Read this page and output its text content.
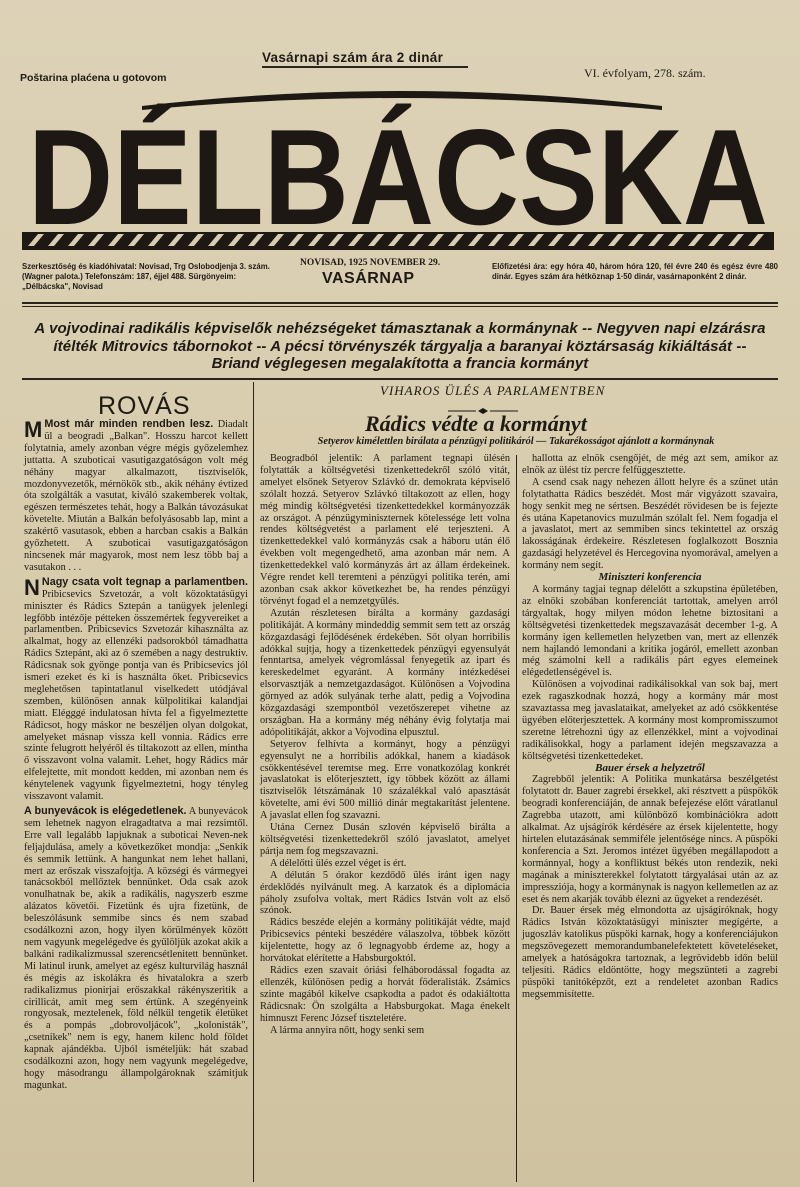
Vasárnapi szám ára 2 dinár
Poštarina plaćena u gotovom	VI. évfolyam, 278. szám.
DÉLBÁCSKA
Szerkesztőség és kiadóhivatal: Novisad, Trg Oslobodjenja 3. szám. (Wagner palota.) Telefonszám: 187, éjjel 488. Sürgönyeim: „Délbácska", Novisad
NOVISAD, 1925 NOVEMBER 29.
VASÁRNAP
Előfizetési ára: egy hóra 40, három hóra 120, fél évre 240 és egész évre 480 dinár. Egyes szám ára hétköznap 1·50 dinár, vasárnaponként 2 dinár.
A vojvodinai radikális képviselők nehézségeket támasztanak a kormánynak -- Negyven napi elzárásra ítélték Mitrovics tábornokot -- A pécsi törvényszék tárgyalja a baranyai köztársaság kikiáltását -- Briand véglegesen megalakította a francia kormányt
ROVÁS

M Most már minden rendben lesz. Diadalt ül a beogradi „Balkan". Hosszu harcot kellett folytatnia, amely azonban végre mégis győzelemhez juttatta. A szuboticai vasutigazgatóságon volt még néhány magyar alkalmazott, tisztviselők, mozdonyvezetők, mérnökök stb., akik néhány évtized óta szolgálták a vasutat, kiváló szakemberek voltak, egészen természetes tehát, hogy a Balkán távozásukat követelte. Miután a Balkán befolyásosabb lap, mint a szakértő vasutasok, ebben a harcban csakis a Balkán győzhetett. A szuboticai vasutigazgatóságon nincsenek már magyarok, most nem lesz több baj a vasutakon . . .

N Nagy csata volt tegnap a parlamentben. Pribicsevics Szvetozár, a volt közoktatásügyi miniszter és Rádics Sztepán a tanügyek jelenlegi legfőbb intézője pétteken összemértek fegyvereiket a parlamentben. Pribicsevics Szvetozár kihasználta az alkalmat, hogy az ellenzéki padsorokból támadhatta Rádics Sztepánt, aki az ő szemében a nagy destruktiv. Rádicsnak sok gyönge pontja van és Pribicsevics jól ismeri ezeket és ki is használta őket. Pribicsevics meglehetősen tapintatlanul viselkedett utódjával szemben, különösen annak külpolitikai kalandjai miatt. Elégggé indulatosan hívta fel a figyelmeztette Rádicsot, hogy máskor ne beszéljen olyan dolgokat, amelyeket másnap vissza kell vonnia. Rádics erre szinte felugrott helyéről és tiltakozott az ellen, mintha ő visszavont volna valamit. Lehet, hogy Rádics már elfelejtette, mit mondott kedden, mi azonban nem és kénytelenek vagyunk figyelmeztetni, hogy tényleg visszavont valamit.

A bunyevácok is elégedetlenek. A bunyevácok sem lehetnek nagyon elragadtatva a mai rezsimtől. Erre vall legalább lapjuknak a suboticai Neven-nek feljajdulása, amely a következőket mondja: „Senkik és semmik lettünk. A hangunkat nem lehet hallani, mert az erőszak visszafojtja. A községi és vármegyei tanácsokból mellőztek bennünket. Oda csak azok vonulhatnak be, akik a radikális, nagyszerb eszme alázatos követői. Fizetünk és ujra fizetünk, de beleszólásunk semmibe sincs és nem szabad csodálkozni azon, hogy ilyen körülmények között nem vagyunk megelégedve és gyűlöljük azokat akik a balkáni radikalizmussal szerencsétlenitett bennünket. Mi latinul irunk, amelyet az egész kulturvilág használ és mégis az iskolákra és hivatalokra a szerb radikalizmus pionirjai erőszakkal rákényszeritik a cirillicát, amit meg sem értünk. A szegényeink rongyosak, meztelenek, föld nélkül tengetik életüket és a pompás „dobrovoljácok", „kolonisták", „csetnikek" nem is egy, hanem kilenc hold földet kapnak ajándékba. Ujból ismételjük: hát szabad csodálkozni azon, hogy nem vagyunk megelégedve, hogy másodrangu állampolgároknak számitjuk magunkat.

VIHAROS ÜLÉS A PARLAMENTBEN
Rádics védte a kormányt
Setyerov kimélettlen birálata a pénzügyi politikáról — Takarékosságot ajánlott a kormánynak

Beogradból jelentik: A parlament tegnapi ülésén folytatták a költségvetési tizenkettedekről szóló vitát, amelyet elsőnek Setyerov Szlávkó dr. demokrata képviselő szólalt hozzá. Setyerov Szlávkó tiltakozott az ellen, hogy még mindig költségvetési tizenkettedekkel kormányozzák az országot. A pénzügyminiszternek kötelessége lett volna rendes költségvetést a parlament elé terjeszteni. A tizenkettedekkel való kormányzás csak a háboru után élő években volt megengedhető, ama azonban már nem. A tizenkettedekkel való kormányzás árt az állam érdekeinek. Végre rendet kell teremteni a pénzügyi politika terén, ami azonban csak akkor következhet be, ha rendes pénzügyi törvényt fogad el a nemzetgyűlés.

Azután részletesen bírálta a kormány gazdasági politikáját. A kormány mindeddig semmit sem tett az ország közgazdasági fejlődésének érdekében. Sőt olyan horribilis adókkal sujtja, hogy a tizenkettedek pénzügyi egyensulyát fenntartsa, amelyek végromlással fenyegetik az ipart és kereskedelmet egyaránt. A kormány intézkedései elsorvasztják a nemzetgazdaságot. Különösen a Vojvodina görnyed az adók sulyának terhe alatt, pedig a Vojvodina közgazdasági szempontból vezetőszerepet vihetne az országban. Ha a kormány még néhány évig folytatja mai adópolitikáját, akkor a Vojvodina elpusztul.

Setyerov felhívta a kormányt, hogy a pénzügyi egyensulyt ne a horribilis adókkal, hanem a kiadások csökkentésével teremtse meg. Erre vonatkozólag konkrét javaslatokat is előterjesztett, így többek között az állami tisztviselők létszámának 10 százalékkal való apasztását követelte, ami évi 500 millió dinár megtakarítást jelentene. A javaslat ellen fog szavazni.

Utána Cernez Dusán szlovén képviselő birálta a költségvetési tizenkettedekről szóló javaslatot, amelyet pártja nem fog megszavazni.

A délelőtti ülés ezzel véget is ért.

A délután 5 órakor kezdődő ülés iránt igen nagy érdeklődés nyilvánult meg. A karzatok és a diplomácia páholy zsufolva voltak, mert Rádics István volt az első szónok.

Rádics beszéde elején a kormány politikáját védte, majd Pribicsevics pénteki beszédére válaszolva, többek között kijelentette, hogy az ő legnagyobb érdeme az, hogy a horvátokat elérítette a Habsburgoktól.

Rádics ezen szavait óriási felháborodással fogadta az ellenzék, különösen pedig a horvát föderalisták. Zsámics szinte magából kikelve csapkodta a padot és odakiáltotta Rádicsnak: Ön szolgálta a Habsburgokat. Maga énekelt himnuszt Ferenc József tiszteletére.

A lárma annyira nőtt, hogy senki sem

hallotta az elnök csengőjét, de még azt sem, amikor az elnök az ülést tíz percre felfüggesztette.

A csend csak nagy nehezen állott helyre és a szünet után folytathatta Rádics beszédét. Most már vigyázott szavaira, hogy senkit meg ne sértsen. Beszédét rövidesen be is fejezte és utána Kapetanovics muzulmán szólalt fel. Nem fogadja el a javaslatot, mert az semmiben sincs tekintettel az ország lakosságának érdekeire. Részletesen foglalkozott Bosznia gazdasági helyzetével és Hercegovina nyomorával, amelyen a kormány nem segít.

Miniszteri konferencia

A kormány tagjai tegnap délelőtt a szkupstina épületében, az elnöki szobában konferenciát tartottak, amelyen arról tárgyaltak, hogy milyen módon lehetne biztositani a költségvetési tizenkettedek megszavazását december 1-g. A kormány igen kellemetlen helyzetben van, mert az ellenzék nem hajlandó lemondani a kritika jogáról, emellett azonban még számolni kell a radikális párt egyes elemeinek elégedetlenségével is.

Különösen a vojvodinai radikálisokkal van sok baj, mert ezek ragaszkodnak hozzá, hogy a kormány már most szavaztassa meg javaslataikat, amelyeket az adó csökkentése ügyében előterjesztettek. A kormány most kompromisszumot szeretne létrehozni úgy az ellenzékkel, mint a vojvodinai radikálisokkal, hogy a parlament idején megszavazza a költségvetési tizenkettedeket.

Bauer érsek a helyzetről

Zagrebből jelentik: A Politika munkatársa beszélgetést folytatott dr. Bauer zagrebi érsekkel, aki résztvett a püspökök beogradi konferenciáján, de annak befejezése előtt váratlanul Zagrebba utazott, ami különböző kombinációkra adott alkalmat. Az ujságírók kérdésére az érsek kijelentette, hogy hirtelen elutazásának semmiféle jelentősége nincs. A püspöki konferencia a Szt. Jeromos intézet ügyében megállapodott a kormánnyal, hogy a konfliktust békés uton rendezik, neki magának a miniszterekkel folytatott tárgyalásai után az az impressziója, hogy a kormánynak is nagyon kellemetlen az az eset és nem akarják tovább élezni az ügyeket a rendezését.

Dr. Bauer érsek még elmondotta az ujságíróknak, hogy Rádics István közoktatásügyi miniszter megígérte, a jugoszláv katolikus püspöki karnak, hogy a konferenciájukon megszövegezett memorandumbanelefektetett követeléseket, amelyek a hatóságokra tartoznak, a legrövidebb időn belül teljesíti. Rádics eldöntötte, hogy megszünteti a zagrebi püspöki tanitóképzőt, ezt a rendeletet azonban Radics megsemmisítette.
